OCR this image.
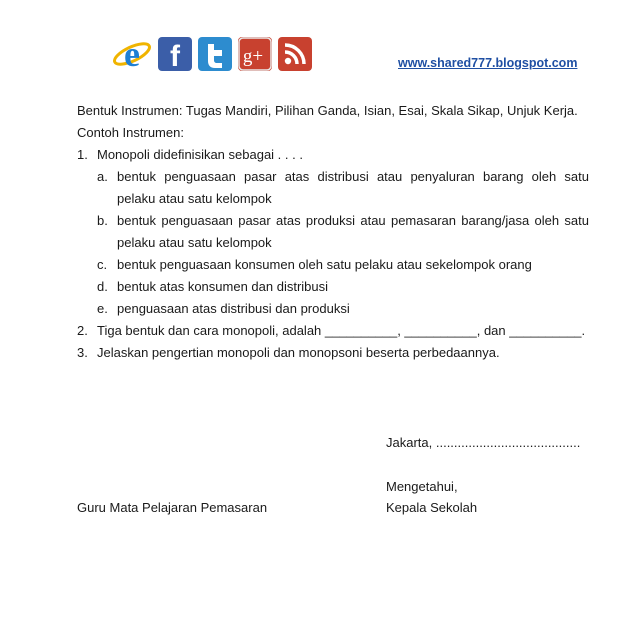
e f	g+	www.shared777.blogspot.com
Bentuk Instrumen: Tugas Mandiri, Pilihan Ganda, Isian, Esai, Skala Sikap, Unjuk Kerja.
Contoh Instrumen:
1. Monopoli didefinisikan sebagai . . . .
a. bentuk penguasaan pasar atas distribusi atau penyaluran barang oleh satu pelaku atau satu kelompok
b. bentuk penguasaan pasar atas produksi atau pemasaran barang/jasa oleh satu pelaku atau satu kelompok
c. bentuk penguasaan konsumen oleh satu pelaku atau sekelompok orang
d. bentuk atas konsumen dan distribusi
e. penguasaan atas distribusi dan produksi
2. Tiga bentuk dan cara monopoli, adalah __________, __________, dan __________.
3. Jelaskan pengertian monopoli dan monopsoni beserta perbedaannya.
Jakarta, ........................................
Mengetahui,
Guru Mata Pelajaran Pemasaran	Kepala Sekolah
